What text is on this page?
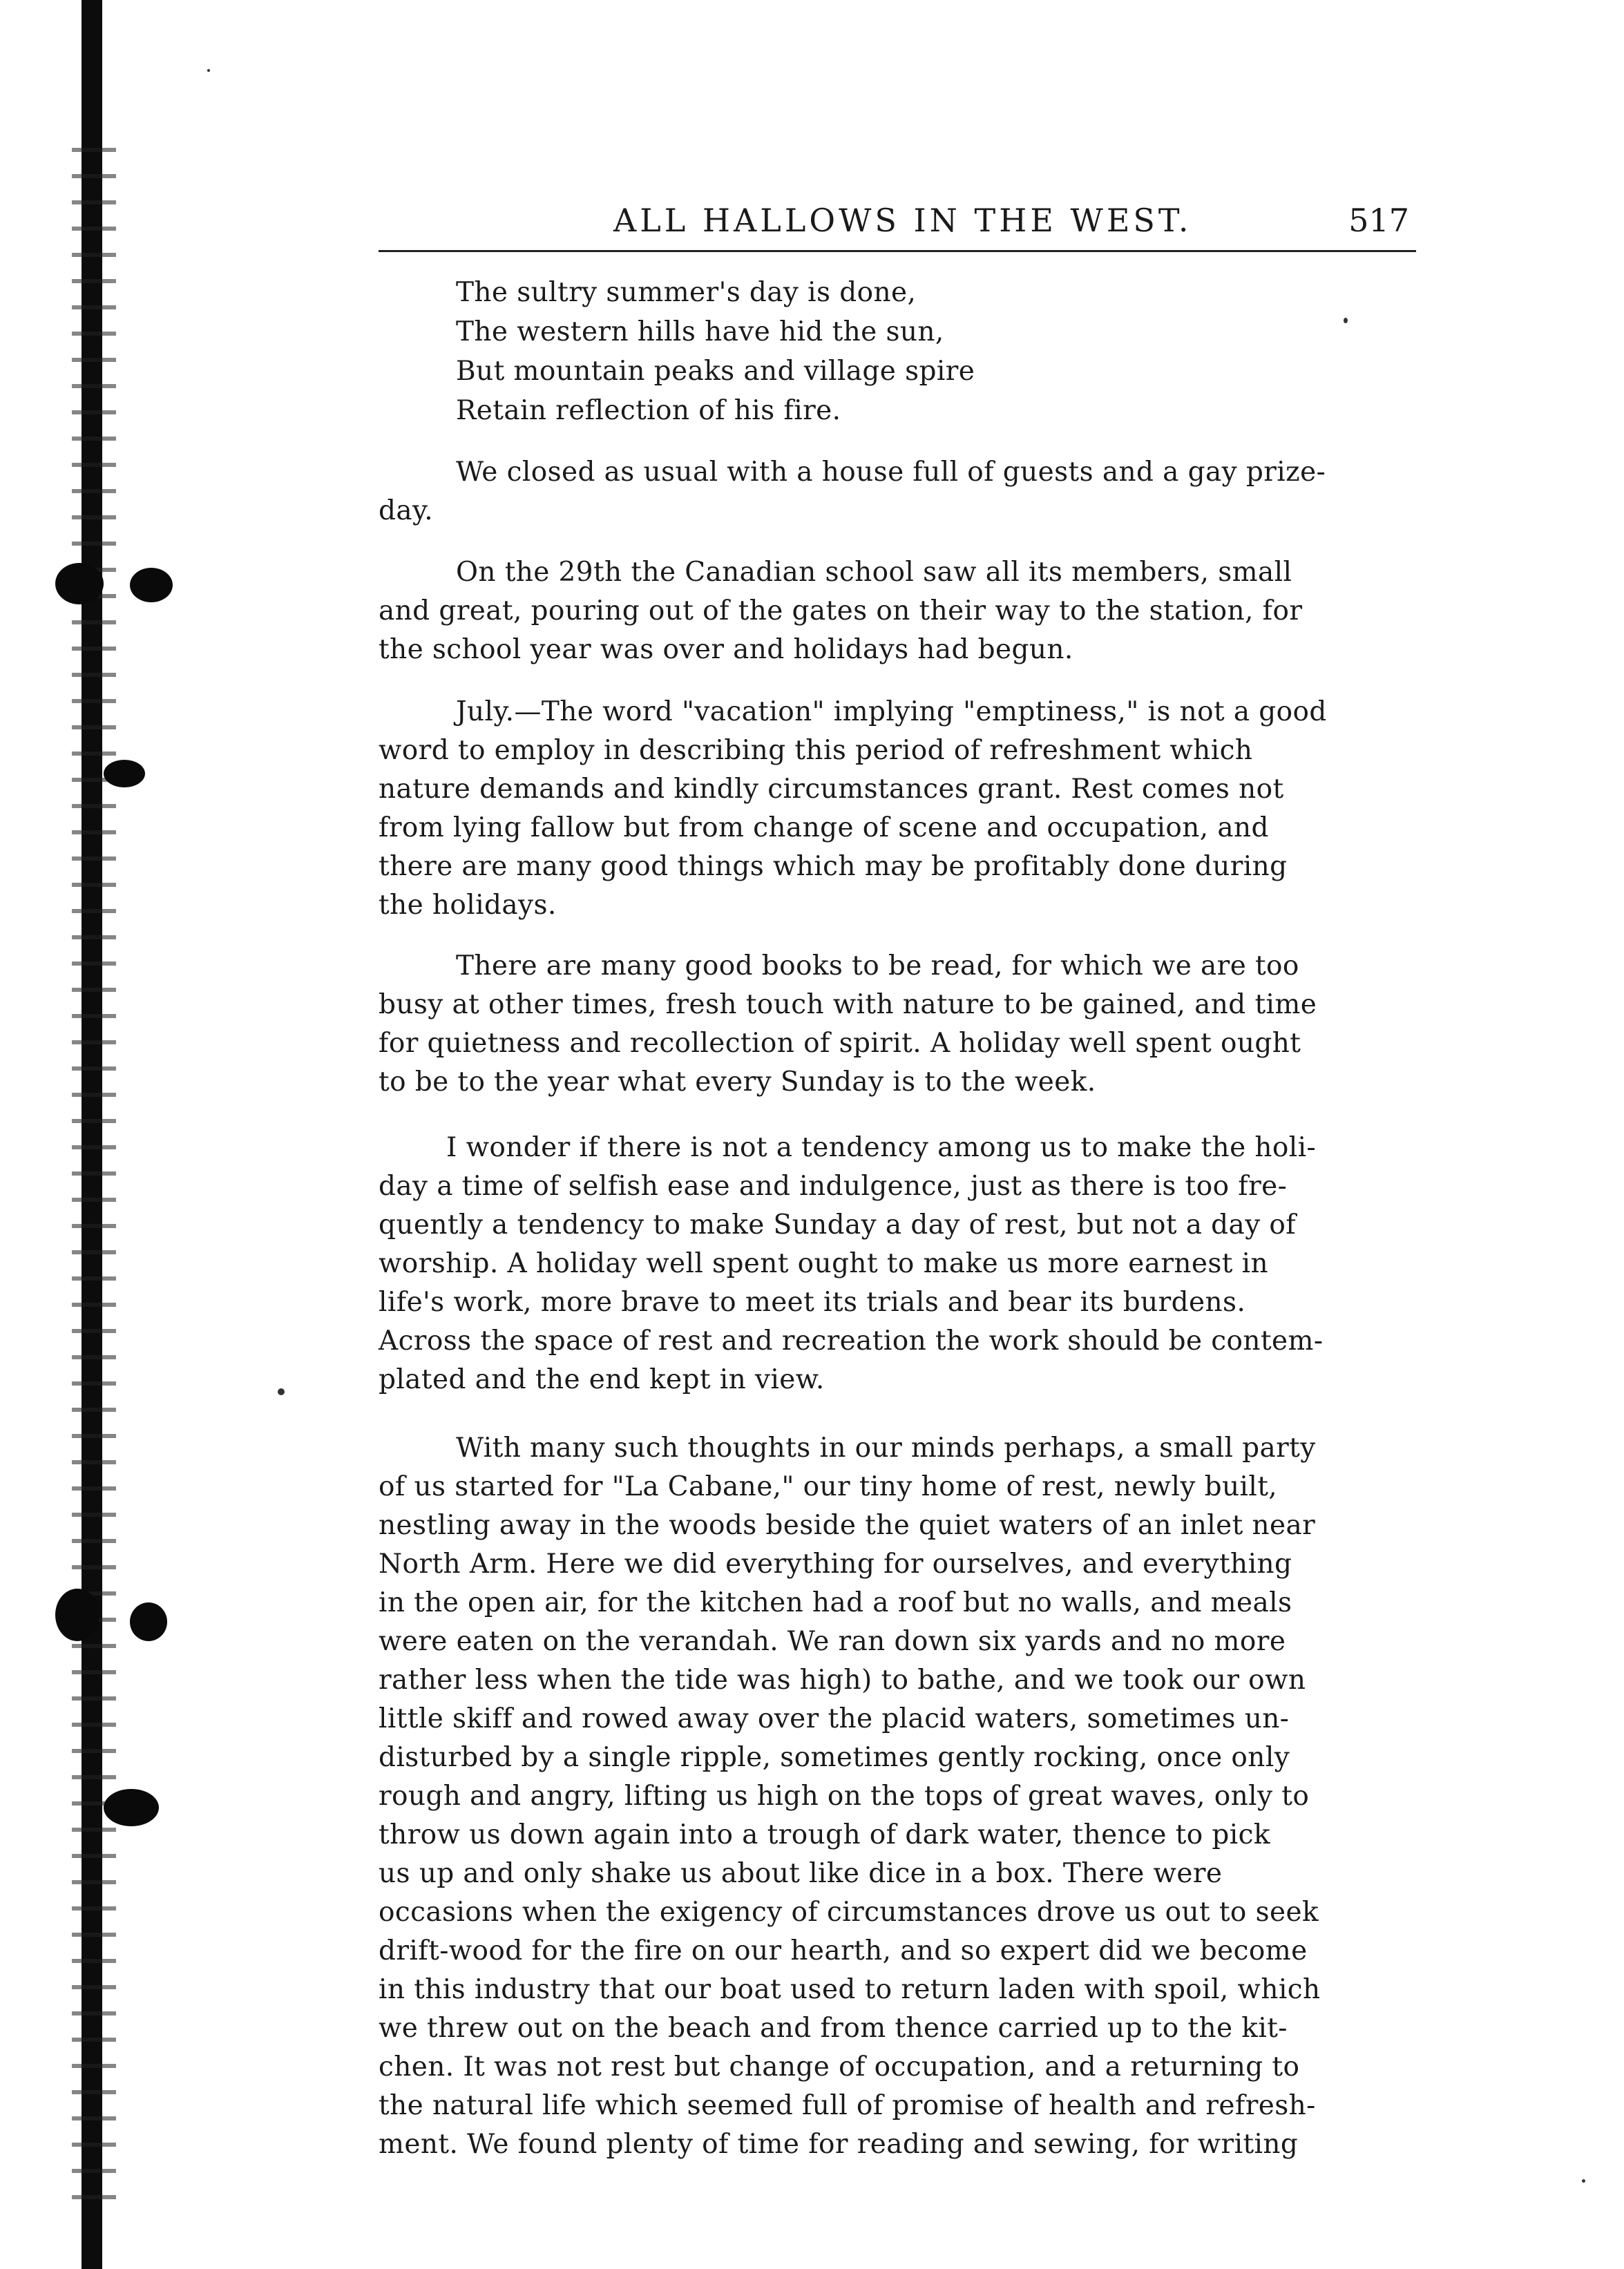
ALL HALLOWS IN THE WEST.	517
The sultry summer's day is done,
The western hills have hid the sun,
But mountain peaks and village spire
Retain reflection of his fire.
We closed as usual with a house full of guests and a gay prize-
day.
On the 29th the Canadian school saw all its members, small
and great, pouring out of the gates on their way to the station, for
the school year was over and holidays had begun.
July.—The word "vacation" implying "emptiness," is not a good
word to employ in describing this period of refreshment which
nature demands and kindly circumstances grant. Rest comes not
from lying fallow but from change of scene and occupation, and
there are many good things which may be profitably done during
the holidays.
There are many good books to be read, for which we are too
busy at other times, fresh touch with nature to be gained, and time
for quietness and recollection of spirit. A holiday well spent ought
to be to the year what every Sunday is to the week.
I wonder if there is not a tendency among us to make the holi-
day a time of selfish ease and indulgence, just as there is too fre-
quently a tendency to make Sunday a day of rest, but not a day of
worship. A holiday well spent ought to make us more earnest in
life's work, more brave to meet its trials and bear its burdens.
Across the space of rest and recreation the work should be contem-
plated and the end kept in view.
With many such thoughts in our minds perhaps, a small party
of us started for "La Cabane," our tiny home of rest, newly built,
nestling away in the woods beside the quiet waters of an inlet near
North Arm. Here we did everything for ourselves, and everything
in the open air, for the kitchen had a roof but no walls, and meals
were eaten on the verandah. We ran down six yards and no more
rather less when the tide was high) to bathe, and we took our own
little skiff and rowed away over the placid waters, sometimes un-
disturbed by a single ripple, sometimes gently rocking, once only
rough and angry, lifting us high on the tops of great waves, only to
throw us down again into a trough of dark water, thence to pick
us up and only shake us about like dice in a box. There were
occasions when the exigency of circumstances drove us out to seek
drift-wood for the fire on our hearth, and so expert did we become
in this industry that our boat used to return laden with spoil, which
we threw out on the beach and from thence carried up to the kit-
chen. It was not rest but change of occupation, and a returning to
the natural life which seemed full of promise of health and refresh-
ment. We found plenty of time for reading and sewing, for writing
